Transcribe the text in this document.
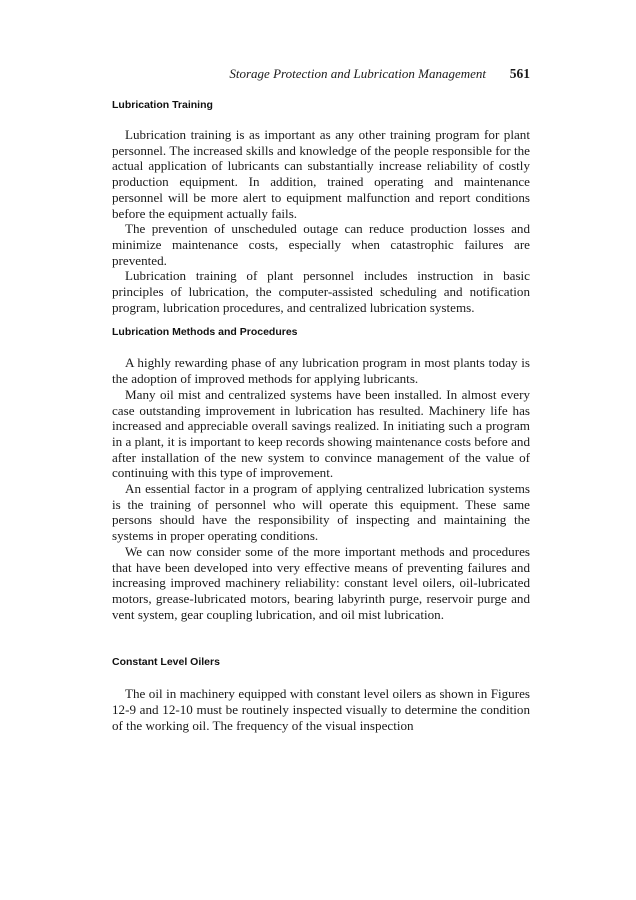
Storage Protection and Lubrication Management 561
Lubrication Training

Lubrication training is as important as any other training program for plant personnel. The increased skills and knowledge of the people responsible for the actual application of lubricants can substantially increase reliability of costly production equipment. In addition, trained operating and maintenance personnel will be more alert to equipment malfunction and report conditions before the equipment actually fails.

The prevention of unscheduled outage can reduce production losses and minimize maintenance costs, especially when catastrophic failures are prevented.

Lubrication training of plant personnel includes instruction in basic principles of lubrication, the computer-assisted scheduling and notification program, lubrication procedures, and centralized lubrication systems.

Lubrication Methods and Procedures

A highly rewarding phase of any lubrication program in most plants today is the adoption of improved methods for applying lubricants.

Many oil mist and centralized systems have been installed. In almost every case outstanding improvement in lubrication has resulted. Machinery life has increased and appreciable overall savings realized. In initiating such a program in a plant, it is important to keep records showing maintenance costs before and after installation of the new system to convince management of the value of continuing with this type of improvement.

An essential factor in a program of applying centralized lubrication systems is the training of personnel who will operate this equipment. These same persons should have the responsibility of inspecting and maintaining the systems in proper operating conditions.

We can now consider some of the more important methods and procedures that have been developed into very effective means of preventing failures and increasing improved machinery reliability: constant level oilers, oil-lubricated motors, grease-lubricated motors, bearing labyrinth purge, reservoir purge and vent system, gear coupling lubrication, and oil mist lubrication.

Constant Level Oilers

The oil in machinery equipped with constant level oilers as shown in Figures 12-9 and 12-10 must be routinely inspected visually to determine the condition of the working oil. The frequency of the visual inspection
